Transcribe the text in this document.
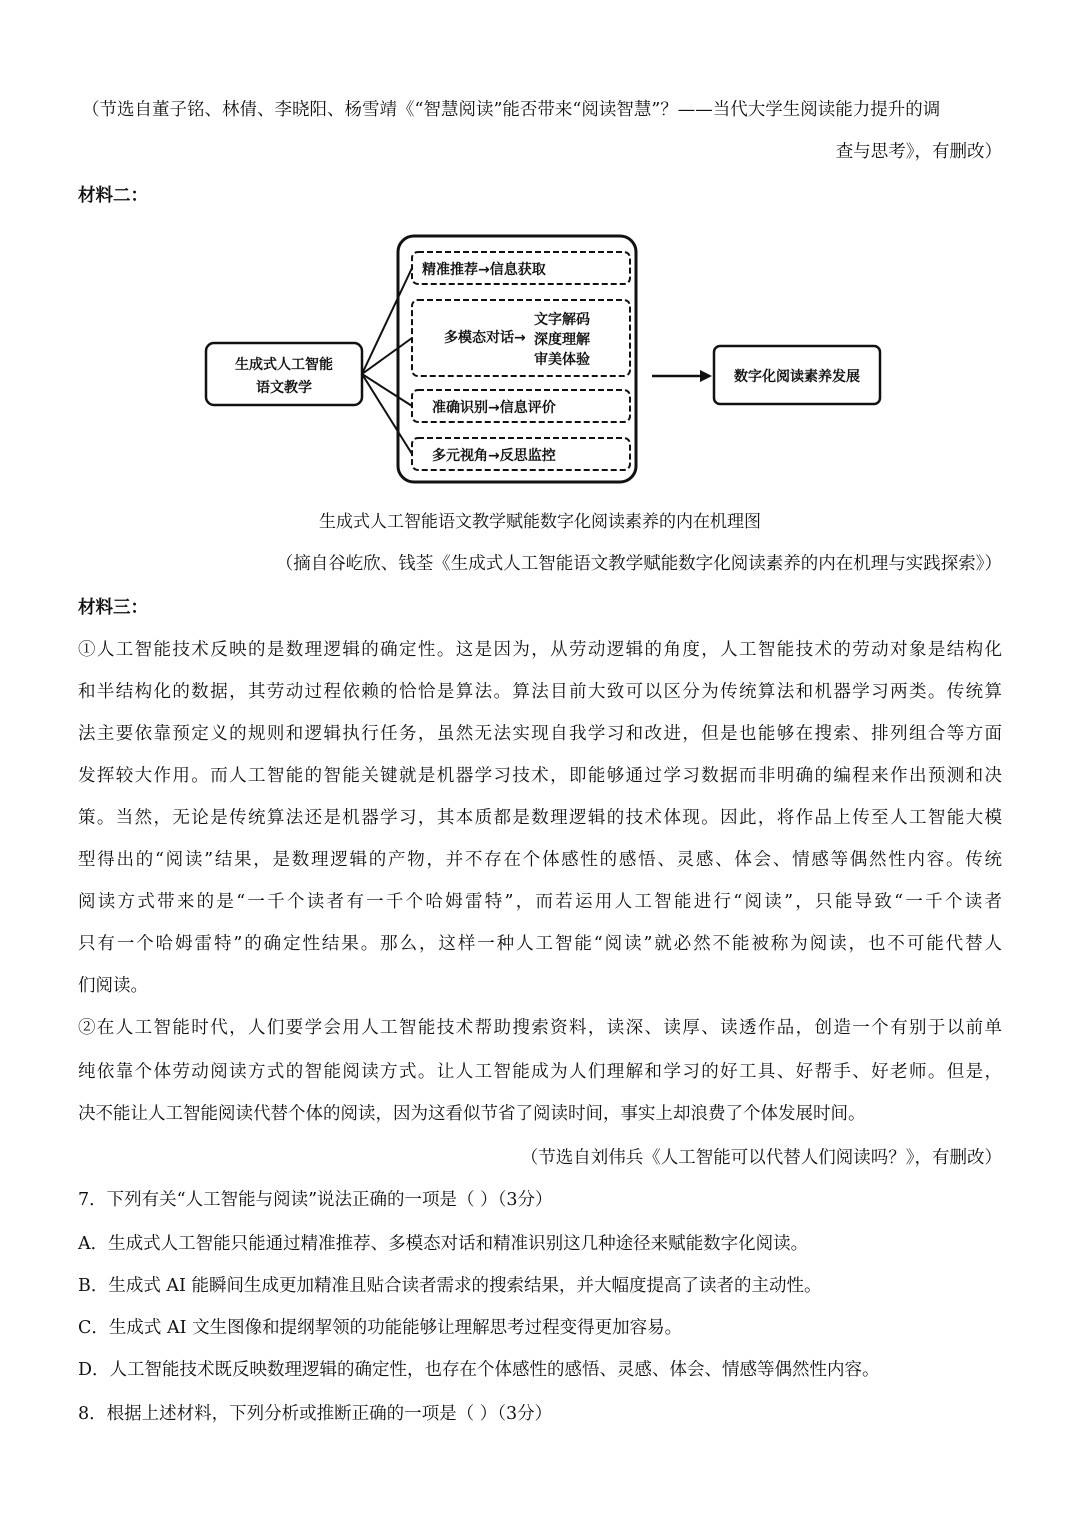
（节选自董子铭、林倩、李晓阳、杨雪靖《“智慧阅读”能否带来“阅读智慧”？——当代大学生阅读能力提升的调
查与思考》，有删改）
材料二：
生成式人工智能
语文教学
精准推荐→信息获取
多模态对话→
文字解码
深度理解
审美体验
准确识别→信息评价
多元视角→反思监控
数字化阅读素养发展
生成式人工智能语文教学赋能数字化阅读素养的内在机理图
（摘自谷屹欣、钱荃《生成式人工智能语文教学赋能数字化阅读素养的内在机理与实践探索》）
材料三：
①人工智能技术反映的是数理逻辑的确定性。这是因为，从劳动逻辑的角度，人工智能技术的劳动对象是结构化
和半结构化的数据，其劳动过程依赖的恰恰是算法。算法目前大致可以区分为传统算法和机器学习两类。传统算
法主要依靠预定义的规则和逻辑执行任务，虽然无法实现自我学习和改进，但是也能够在搜索、排列组合等方面
发挥较大作用。而人工智能的智能关键就是机器学习技术，即能够通过学习数据而非明确的编程来作出预测和决
策。当然，无论是传统算法还是机器学习，其本质都是数理逻辑的技术体现。因此，将作品上传至人工智能大模
型得出的“阅读”结果，是数理逻辑的产物，并不存在个体感性的感悟、灵感、体会、情感等偶然性内容。传统
阅读方式带来的是“一千个读者有一千个哈姆雷特”，而若运用人工智能进行“阅读”，只能导致“一千个读者
只有一个哈姆雷特”的确定性结果。那么，这样一种人工智能“阅读”就必然不能被称为阅读，也不可能代替人
们阅读。
②在人工智能时代，人们要学会用人工智能技术帮助搜索资料，读深、读厚、读透作品，创造一个有别于以前单
纯依靠个体劳动阅读方式的智能阅读方式。让人工智能成为人们理解和学习的好工具、好帮手、好老师。但是，
决不能让人工智能阅读代替个体的阅读，因为这看似节省了阅读时间，事实上却浪费了个体发展时间。
（节选自刘伟兵《人工智能可以代替人们阅读吗？》，有删改）
7．下列有关“人工智能与阅读”说法正确的一项是（ ）（3分）
A．生成式人工智能只能通过精准推荐、多模态对话和精准识别这几种途径来赋能数字化阅读。
B．生成式 AI 能瞬间生成更加精准且贴合读者需求的搜索结果，并大幅度提高了读者的主动性。
C．生成式 AI 文生图像和提纲挈领的功能能够让理解思考过程变得更加容易。
D．人工智能技术既反映数理逻辑的确定性，也存在个体感性的感悟、灵感、体会、情感等偶然性内容。
8．根据上述材料，下列分析或推断正确的一项是（ ）（3分）
